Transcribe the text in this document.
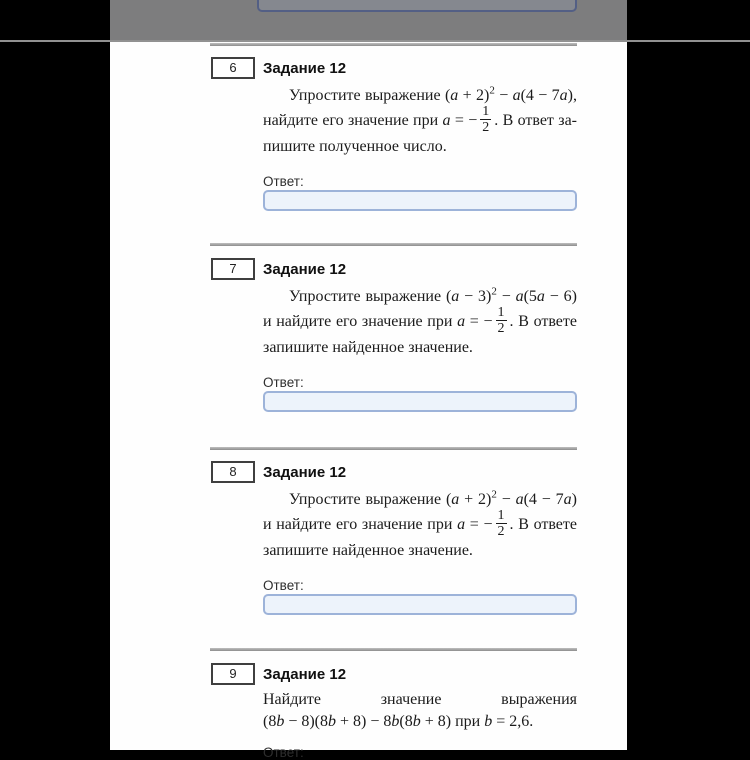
6	Задание 12
Упростите выражение $(a + 2)^2 - a(4 - 7a)$,
найдите его значение при a = − $\frac{1}{2}$ . В ответ за-
пишите полученное число.
Ответ:
7	Задание 12
Упростите выражение $(a - 3)^2 - a(5a - 6)$
и найдите его значение при a = − $\frac{1}{2}$ . В ответе
запишите найденное значение.
Ответ:
8	Задание 12
Упростите выражение $(a + 2)^2 - a(4 - 7a)$
и найдите его значение при a = − $\frac{1}{2}$ . В ответе
запишите найденное значение.
Ответ:
9	Задание 12
Найдите значение выражения
(8b − 8)(8b + 8) − 8b(8b + 8) при b = 2,6.
Ответ:
